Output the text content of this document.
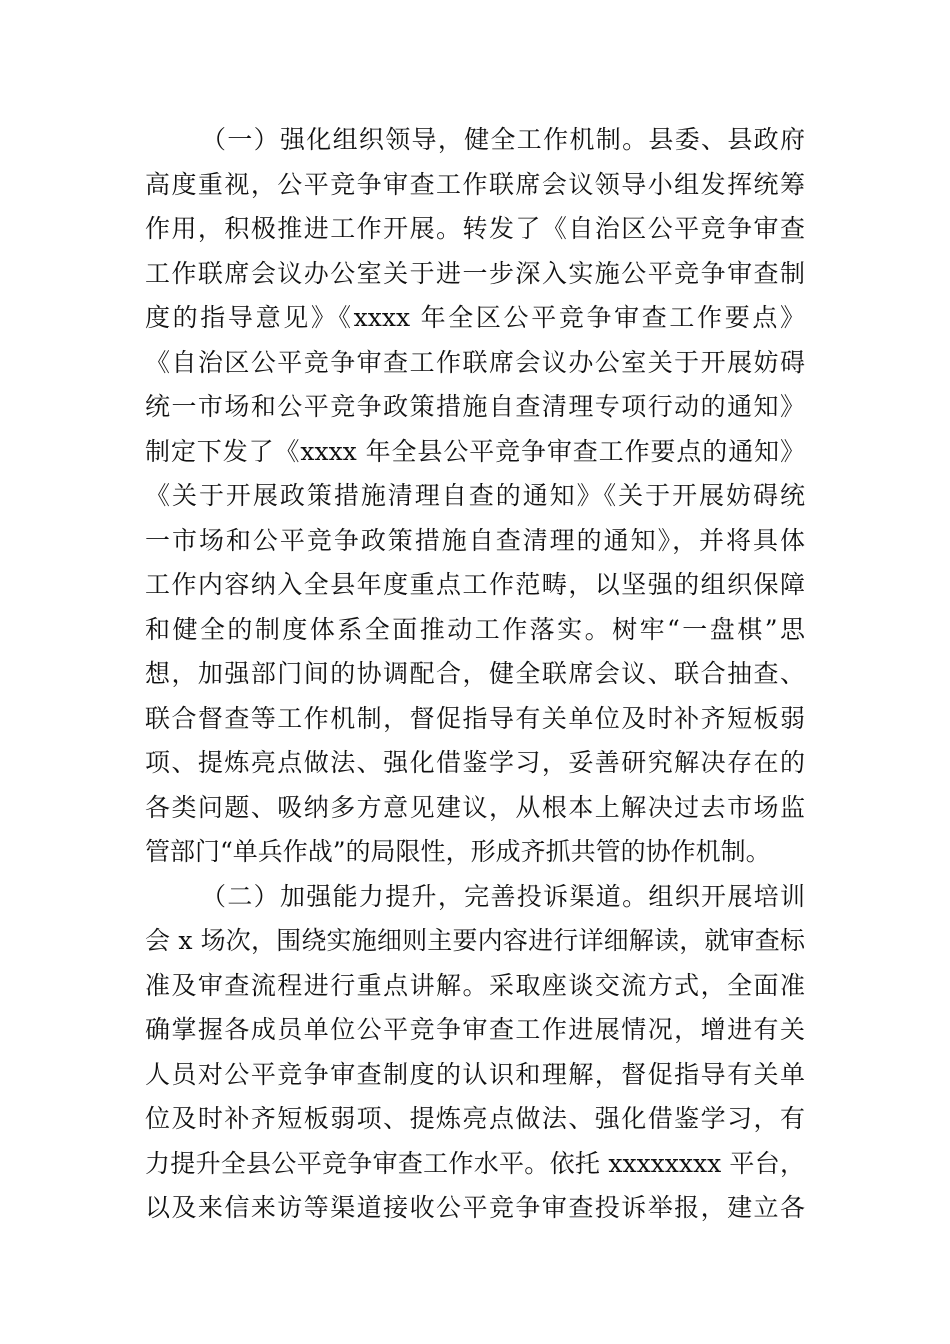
（一）强化组织领导，健全工作机制。县委、县政府
高度重视，公平竞争审查工作联席会议领导小组发挥统筹
作用，积极推进工作开展。转发了《自治区公平竞争审查
工作联席会议办公室关于进一步深入实施公平竞争审查制
度的指导意见》《xxxx 年全区公平竞争审查工作要点》
《自治区公平竞争审查工作联席会议办公室关于开展妨碍
统一市场和公平竞争政策措施自查清理专项行动的通知》
制定下发了《xxxx 年全县公平竞争审查工作要点的通知》
《关于开展政策措施清理自查的通知》《关于开展妨碍统
一市场和公平竞争政策措施自查清理的通知》，并将具体
工作内容纳入全县年度重点工作范畴，以坚强的组织保障
和健全的制度体系全面推动工作落实。树牢“一盘棋”思
想，加强部门间的协调配合，健全联席会议、联合抽查、
联合督查等工作机制，督促指导有关单位及时补齐短板弱
项、提炼亮点做法、强化借鉴学习，妥善研究解决存在的
各类问题、吸纳多方意见建议，从根本上解决过去市场监
管部门“单兵作战”的局限性，形成齐抓共管的协作机制。
（二）加强能力提升，完善投诉渠道。组织开展培训
会 x 场次，围绕实施细则主要内容进行详细解读，就审查标
准及审查流程进行重点讲解。采取座谈交流方式，全面准
确掌握各成员单位公平竞争审查工作进展情况，增进有关
人员对公平竞争审查制度的认识和理解，督促指导有关单
位及时补齐短板弱项、提炼亮点做法、强化借鉴学习，有
力提升全县公平竞争审查工作水平。依托 xxxxxxxx 平台，
以及来信来访等渠道接收公平竞争审查投诉举报，建立各
